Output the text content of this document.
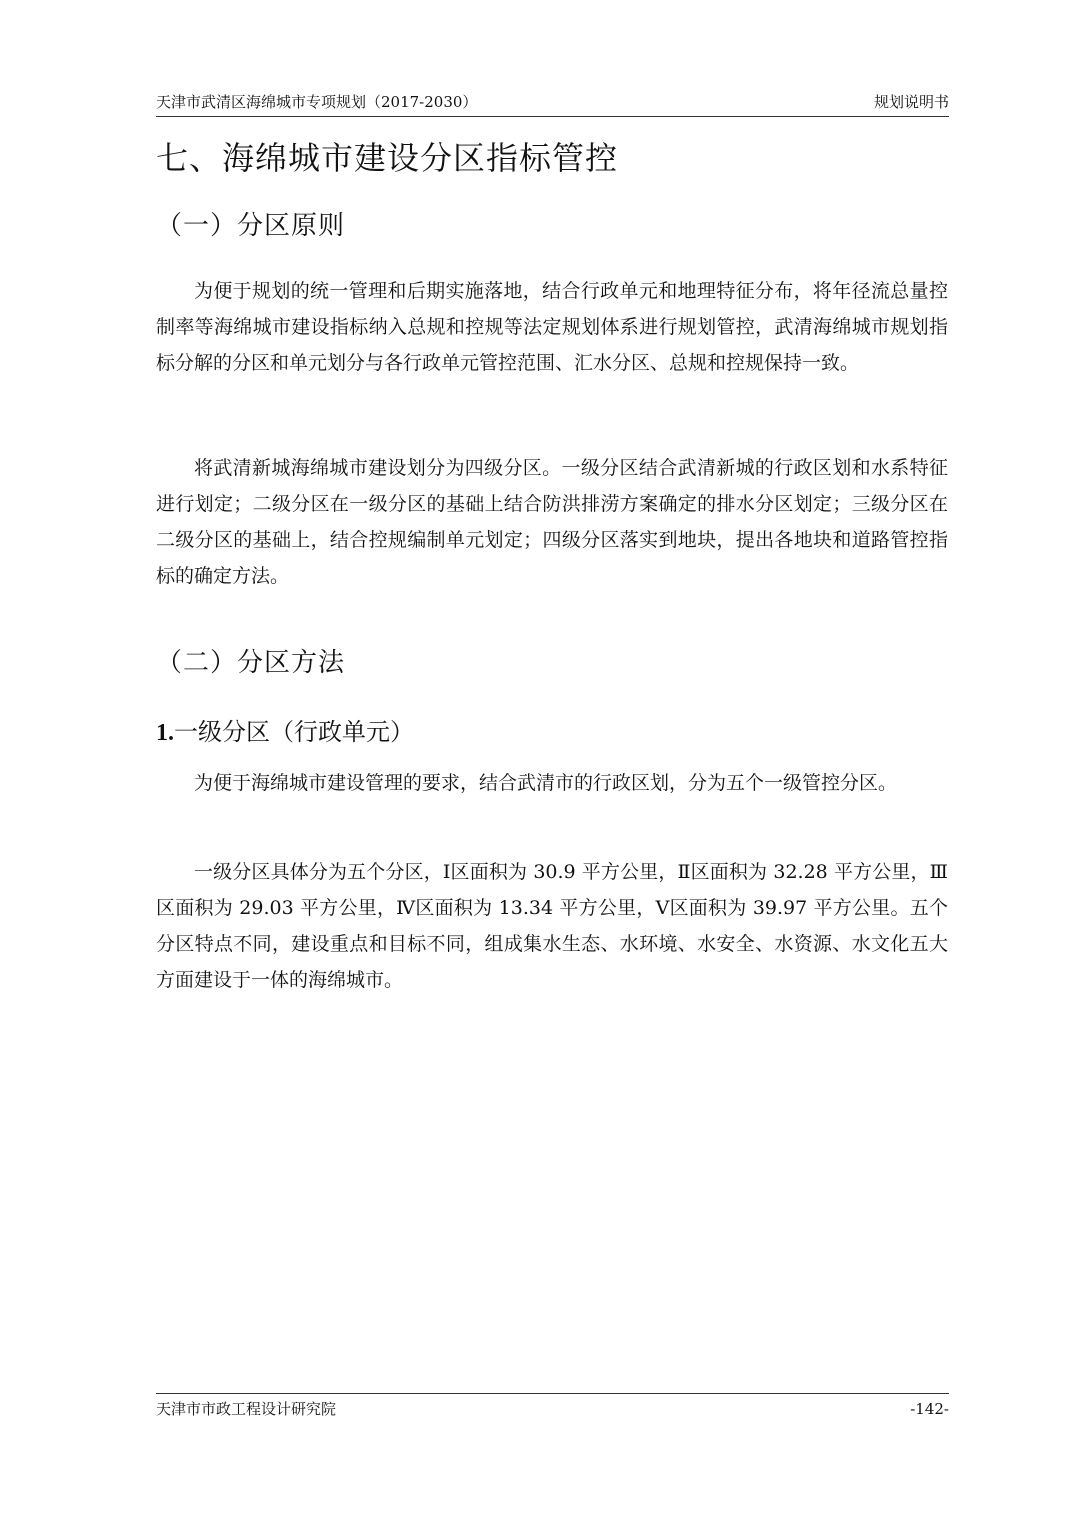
天津市武清区海绵城市专项规划（2017-2030）	规划说明书
七、海绵城市建设分区指标管控
（一）分区原则

为便于规划的统一管理和后期实施落地，结合行政单元和地理特征分布，将年径流总量控制率等海绵城市建设指标纳入总规和控规等法定规划体系进行规划管控，武清海绵城市规划指标分解的分区和单元划分与各行政单元管控范围、汇水分区、总规和控规保持一致。

将武清新城海绵城市建设划分为四级分区。一级分区结合武清新城的行政区划和水系特征进行划定；二级分区在一级分区的基础上结合防洪排涝方案确定的排水分区划定；三级分区在二级分区的基础上，结合控规编制单元划定；四级分区落实到地块，提出各地块和道路管控指标的确定方法。

（二）分区方法
1.一级分区（行政单元）

为便于海绵城市建设管理的要求，结合武清市的行政区划，分为五个一级管控分区。

一级分区具体分为五个分区，Ⅰ区面积为 30.9 平方公里，Ⅱ区面积为 32.28 平方公里，Ⅲ区面积为 29.03 平方公里，Ⅳ区面积为 13.34 平方公里，Ⅴ区面积为 39.97 平方公里。五个分区特点不同，建设重点和目标不同，组成集水生态、水环境、水安全、水资源、水文化五大方面建设于一体的海绵城市。

天津市市政工程设计研究院	-142-
